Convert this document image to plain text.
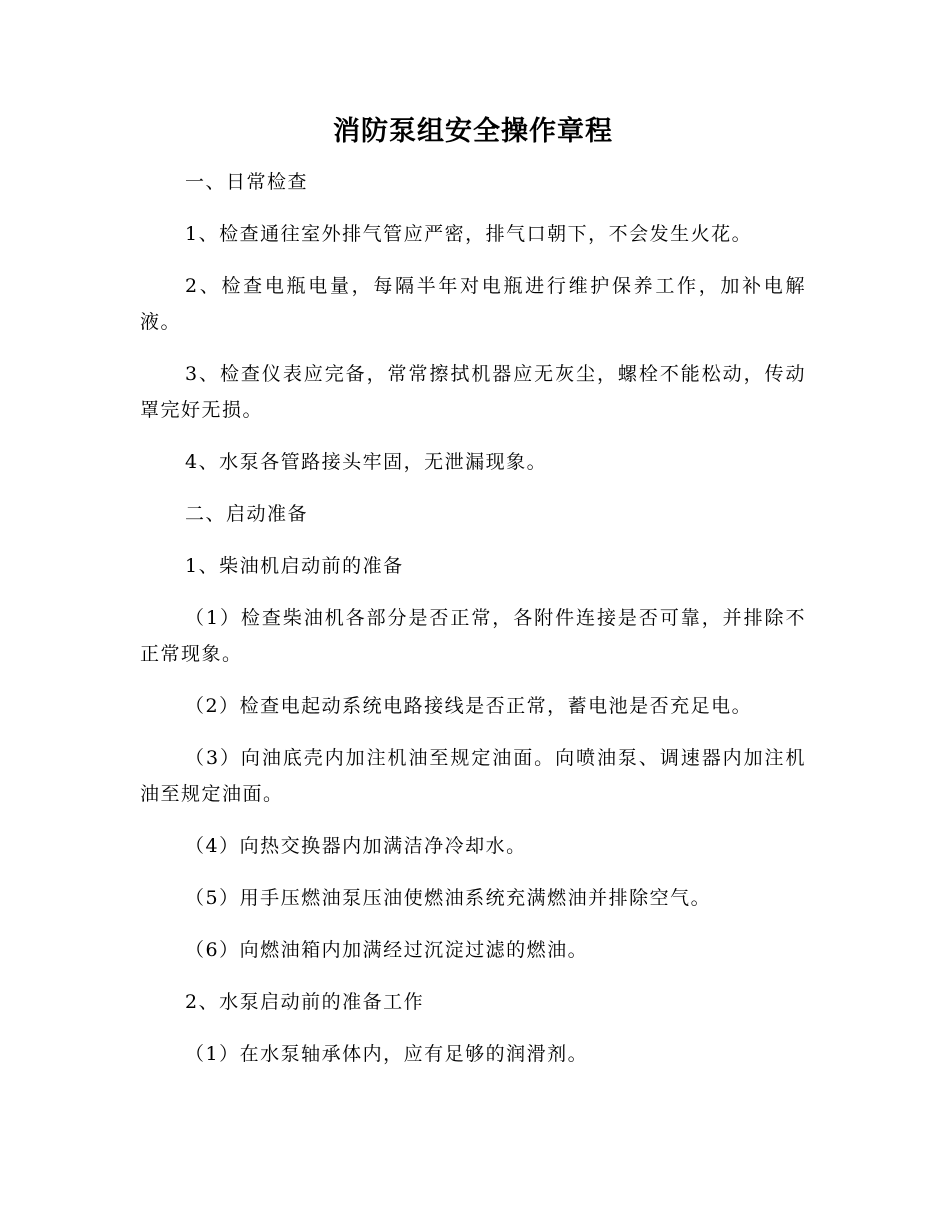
消防泵组安全操作章程

一、日常检查

1、检查通往室外排气管应严密，排气口朝下，不会发生火花。

2、检查电瓶电量，每隔半年对电瓶进行维护保养工作，加补电解液。

3、检查仪表应完备，常常擦拭机器应无灰尘，螺栓不能松动，传动罩完好无损。

4、水泵各管路接头牢固，无泄漏现象。

二、启动准备

1、柴油机启动前的准备

（1）检查柴油机各部分是否正常，各附件连接是否可靠，并排除不正常现象。

（2）检查电起动系统电路接线是否正常，蓄电池是否充足电。

（3）向油底壳内加注机油至规定油面。向喷油泵、调速器内加注机油至规定油面。

（4）向热交换器内加满洁净冷却水。

（5）用手压燃油泵压油使燃油系统充满燃油并排除空气。

（6）向燃油箱内加满经过沉淀过滤的燃油。

2、水泵启动前的准备工作

（1）在水泵轴承体内，应有足够的润滑剂。
